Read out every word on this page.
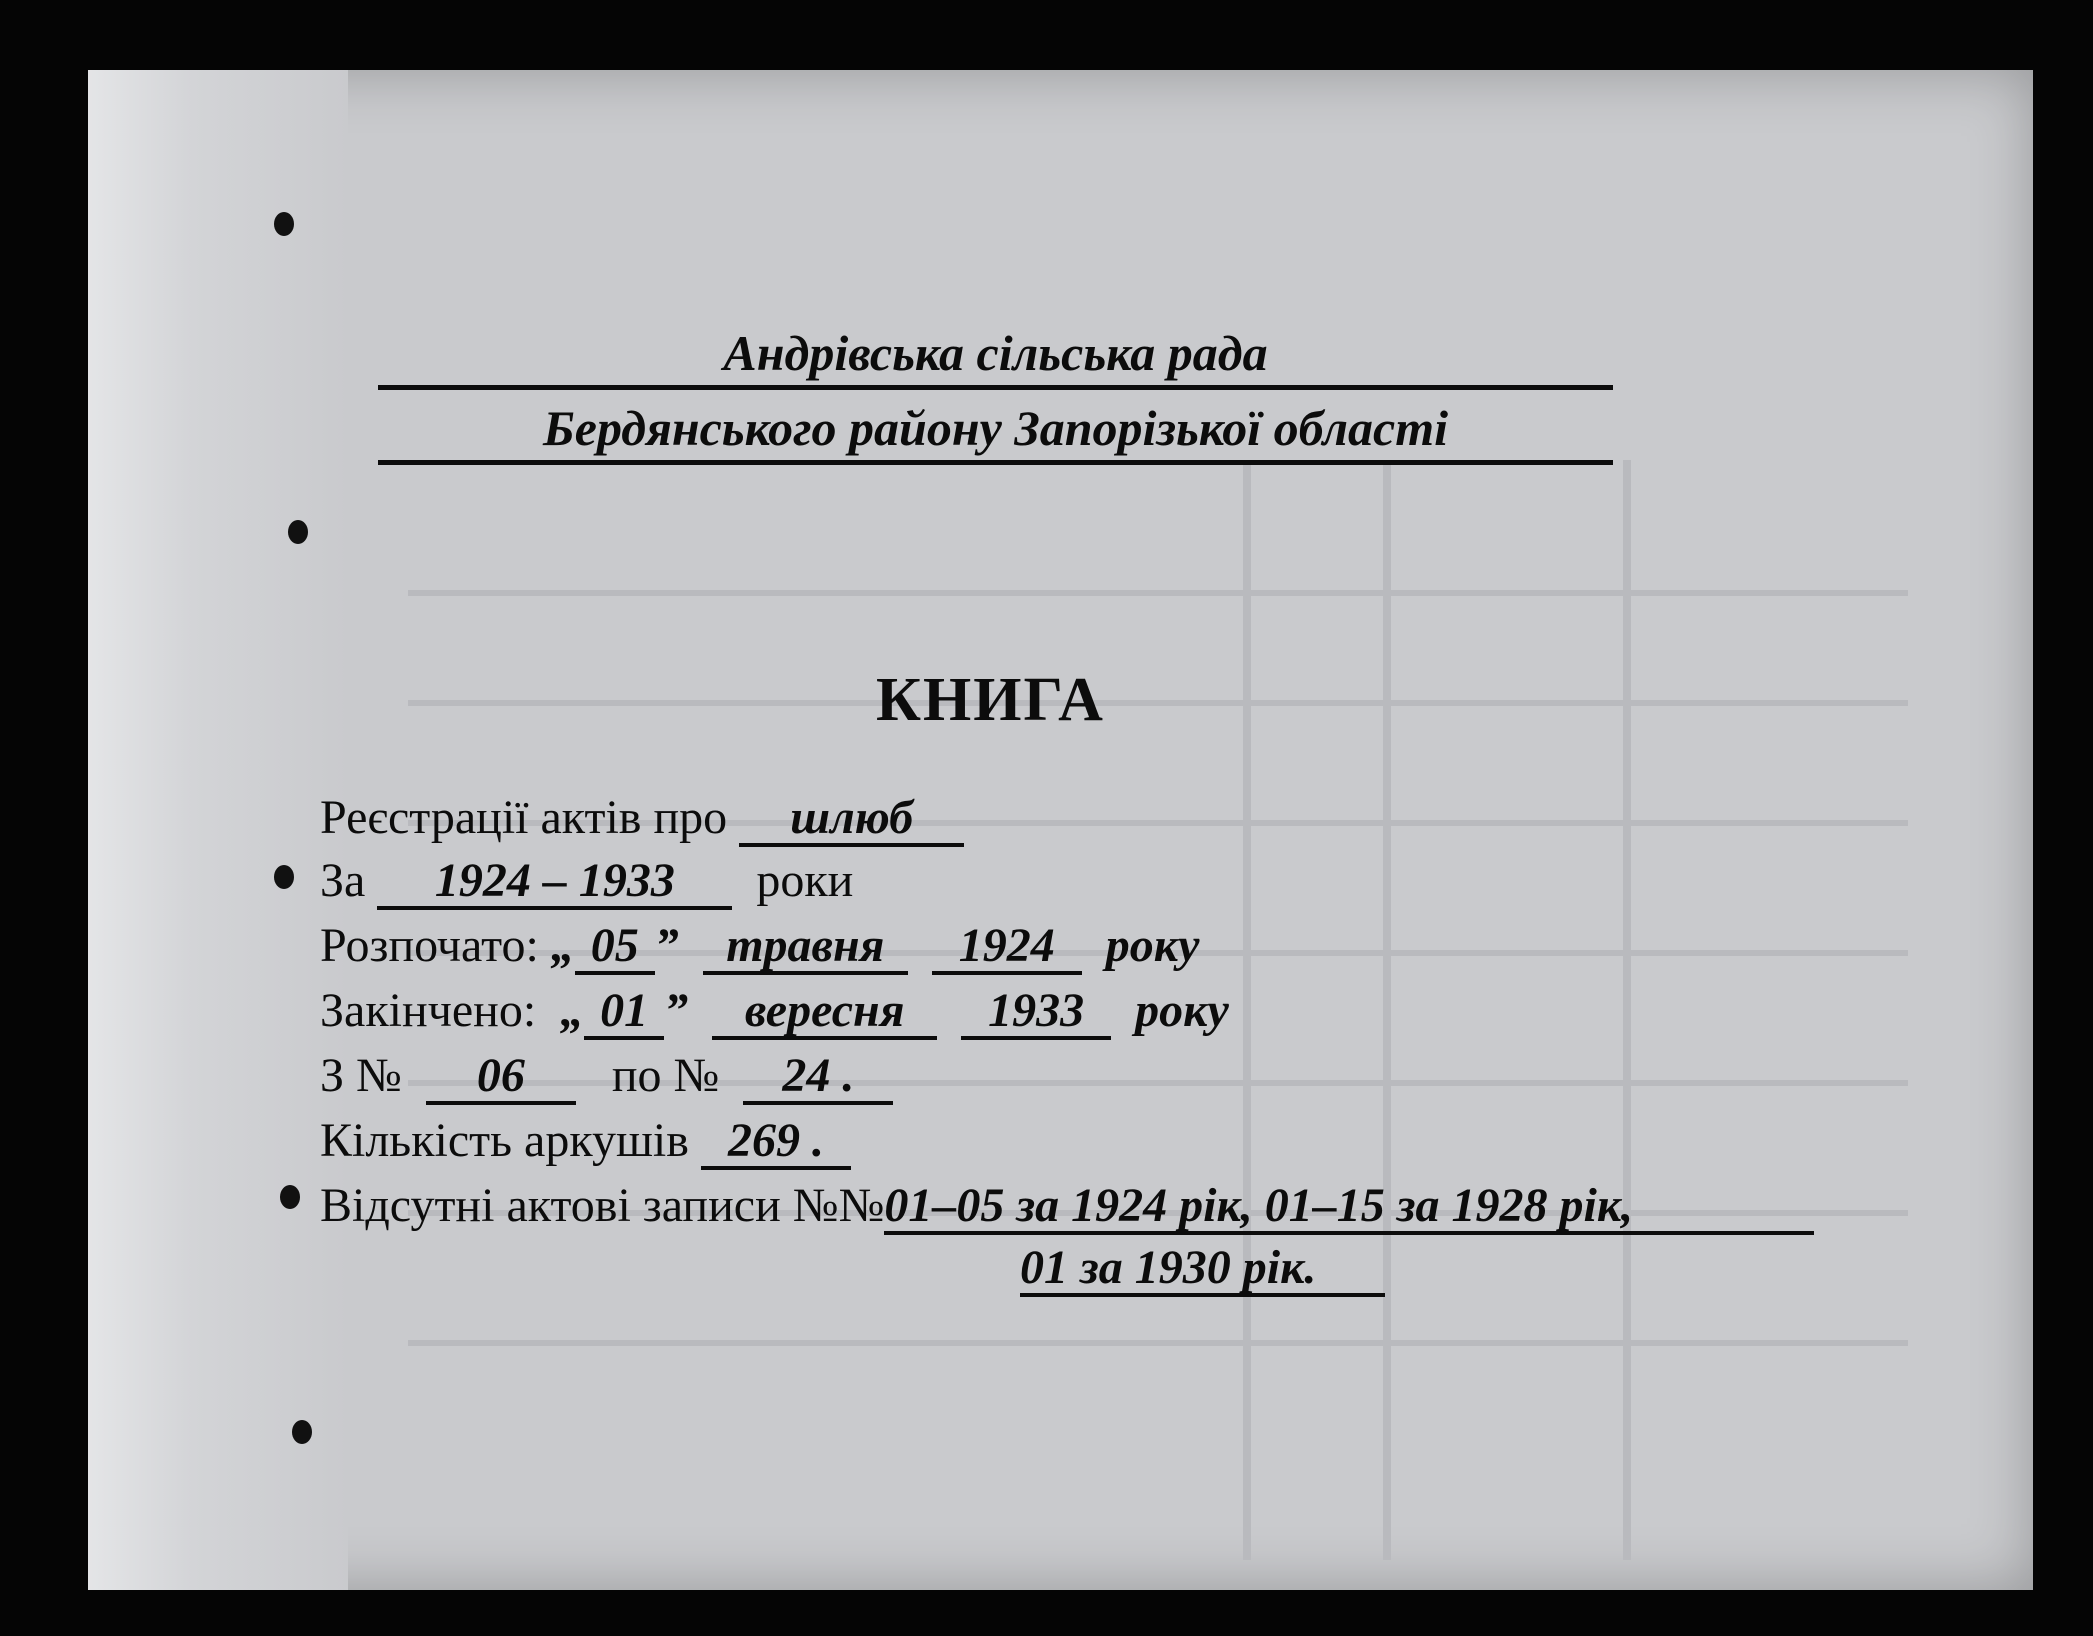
Андрівська сільська рада
Бердянського району Запорізької області
КНИГА
Реєстрації актів про шлюб
За 1924 – 1933 роки
Розпочато: „ 05 ” травня 1924 року
Закінчено: „ 01 ” вересня 1933 року
З № 06 по № 24 .
Кількість аркушів 269 .
Відсутні актові записи №№01–05 за 1924 рік, 01–15 за 1928 рік,
01 за 1930 рік.
